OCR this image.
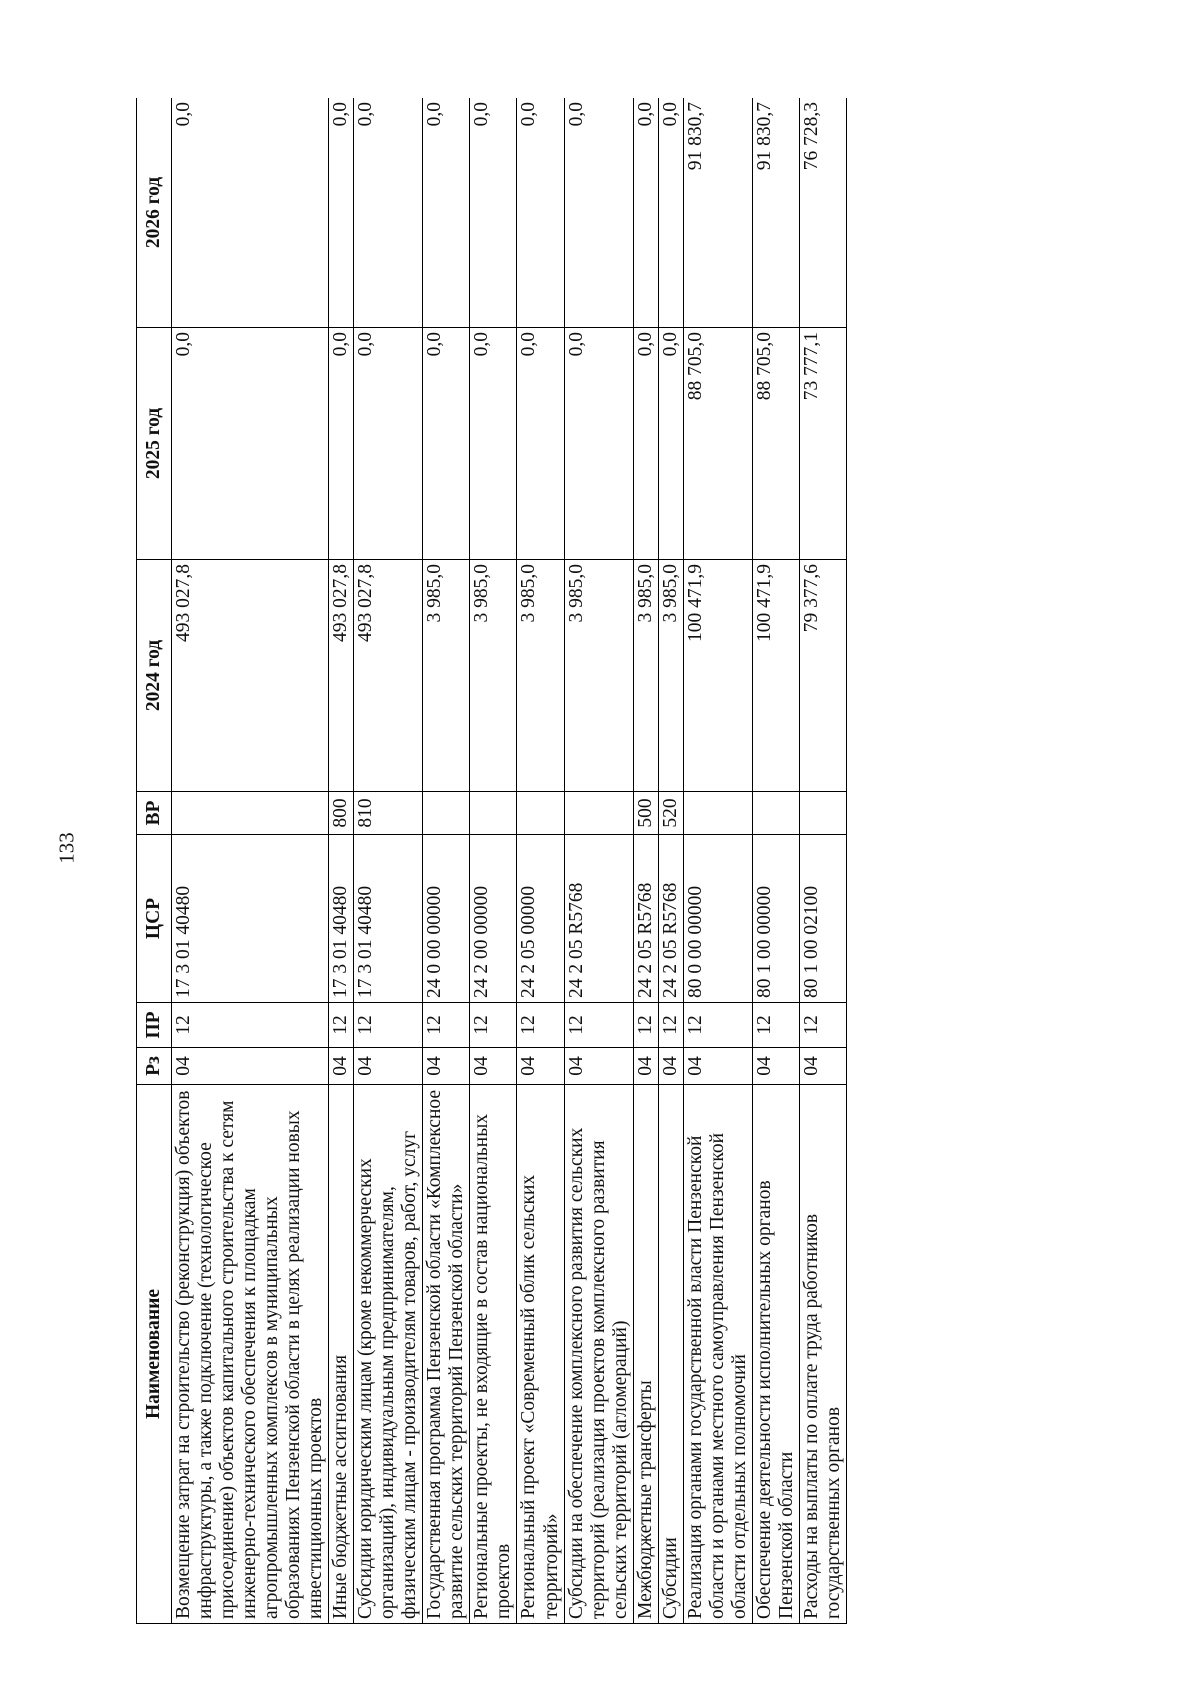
133
Наименование	Рз	ПР	ЦСР	ВР	2024 год	2025 год	2026 год
Возмещение затрат на строительство (реконструкция) объектов инфраструктуры, а также подключение (технологическое присоединение) объектов капитального строительства к сетям инженерно-технического обеспечения к площадкам агропромышленных комплексов в муниципальных образованиях Пензенской области в целях реализации новых инвестиционных проектов	04	12	17 3 01 40480		493 027,8	0,0	0,0
Иные бюджетные ассигнования	04	12	17 3 01 40480	800	493 027,8	0,0	0,0
Субсидии юридическим лицам (кроме некоммерческих организаций), индивидуальным предпринимателям, физическим лицам - производителям товаров, работ, услуг	04	12	17 3 01 40480	810	493 027,8	0,0	0,0
Государственная программа Пензенской области «Комплексное развитие сельских территорий Пензенской области»	04	12	24 0 00 00000		3 985,0	0,0	0,0
Региональные проекты, не входящие в состав национальных проектов	04	12	24 2 00 00000		3 985,0	0,0	0,0
Региональный проект «Современный облик сельских территорий»	04	12	24 2 05 00000		3 985,0	0,0	0,0
Субсидии на обеспечение комплексного развития сельских территорий (реализация проектов комплексного развития сельских территорий (агломераций)	04	12	24 2 05 R5768		3 985,0	0,0	0,0
Межбюджетные трансферты	04	12	24 2 05 R5768	500	3 985,0	0,0	0,0
Субсидии	04	12	24 2 05 R5768	520	3 985,0	0,0	0,0
Реализация органами государственной власти Пензенской области и органами местного самоуправления Пензенской области отдельных полномочий	04	12	80 0 00 00000		100 471,9	88 705,0	91 830,7
Обеспечение деятельности исполнительных органов Пензенской области	04	12	80 1 00 00000		100 471,9	88 705,0	91 830,7
Расходы на выплаты по оплате труда работников государственных органов	04	12	80 1 00 02100		79 377,6	73 777,1	76 728,3
